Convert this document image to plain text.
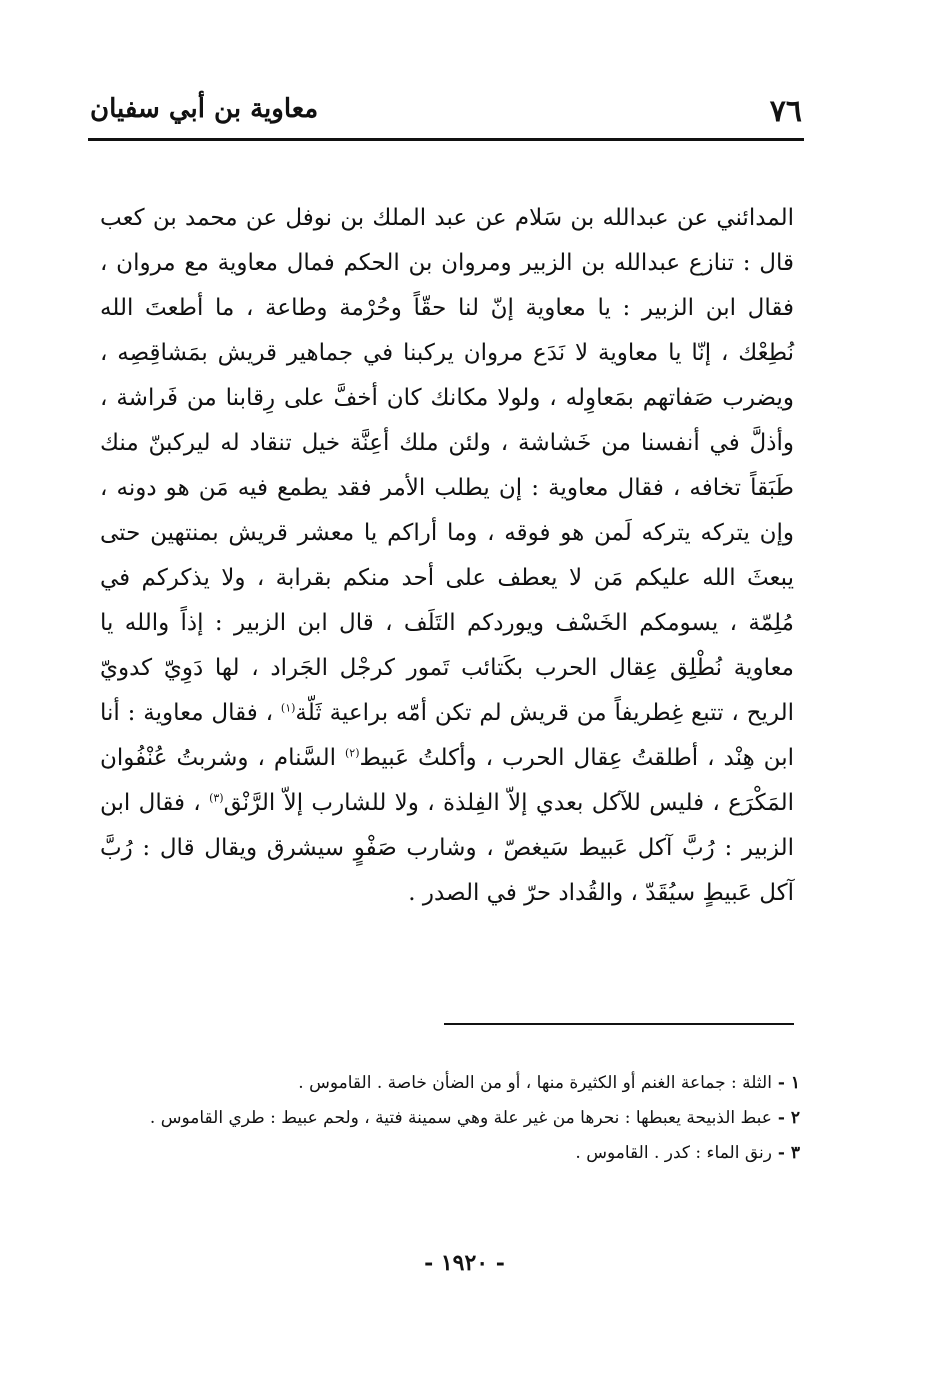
٧٦
معاوية بن أبي سفيان

المدائني عن عبدالله بن سَلام عن عبد الملك بن نوفل عن محمد بن كعب قال : تنازع عبدالله بن الزبير ومروان بن الحكم فمال معاوية مع مروان ، فقال ابن الزبير : يا معاوية إنّ لنا حقّاً وحُرْمة وطاعة ، ما أطعتَ الله نُطِعْك ، إنّا يا معاوية لا نَدَع مروان يركبنا في جماهير قريش بمَشاقِصِه ، ويضرب صَفاتهم بمَعاوِله ، ولولا مكانك كان أخفَّ على رِقابنا من فَراشة ، وأذلَّ في أنفسنا من خَشاشة ، ولئن ملك أعِنَّة خيل تنقاد له ليركبنّ منك طَبَقاً تخافه ، فقال معاوية : إن يطلب الأمر فقد يطمع فيه مَن هو دونه ، وإن يتركه يتركه لَمن هو فوقه ، وما أراكم يا معشر قريش بمنتهين حتى يبعثَ الله عليكم مَن لا يعطف على أحد منكم بقرابة ، ولا يذكركم في مُلِمّة ، يسومكم الخَسْف ويوردكم التَلَف ، قال ابن الزبير : إذاً والله يا معاوية نُطْلِق عِقال الحرب بكَتائب تَمور كرجْل الجَراد ، لها دَوِيّ كدويّ الريح ، تتبع غِطريفاً من قريش لم تكن أمّه براعية ثَلّة$^{(١)}$ ، فقال معاوية : أنا ابن هِنْد ، أطلقتُ عِقال الحرب ، وأكلتُ عَبيط$^{(٢)}$ السَّنام ، وشربتُ عُنْفُوان المَكْرَع ، فليس للآكل بعدي إلاّ الفِلذة ، ولا للشارب إلاّ الرَّنْق$^{(٣)}$ ، فقال ابن الزبير : رُبَّ آكل عَبيط سَيغصّ ، وشارب صَفْوٍ سيشرق ويقال قال : رُبَّ آكل عَبيطٍ سيُقَدّ ، والقُداد حرّ في الصدر .

١ -
الثلة : جماعة الغنم أو الكثيرة منها ، أو من الضأن خاصة . القاموس .
٢ -
عبط الذبيحة يعبطها : نحرها من غير علة وهي سمينة فتية ، ولحم عبيط : طري القاموس .
٣ -
رنق الماء : كدر . القاموس .
- ١٩٢٠ -
